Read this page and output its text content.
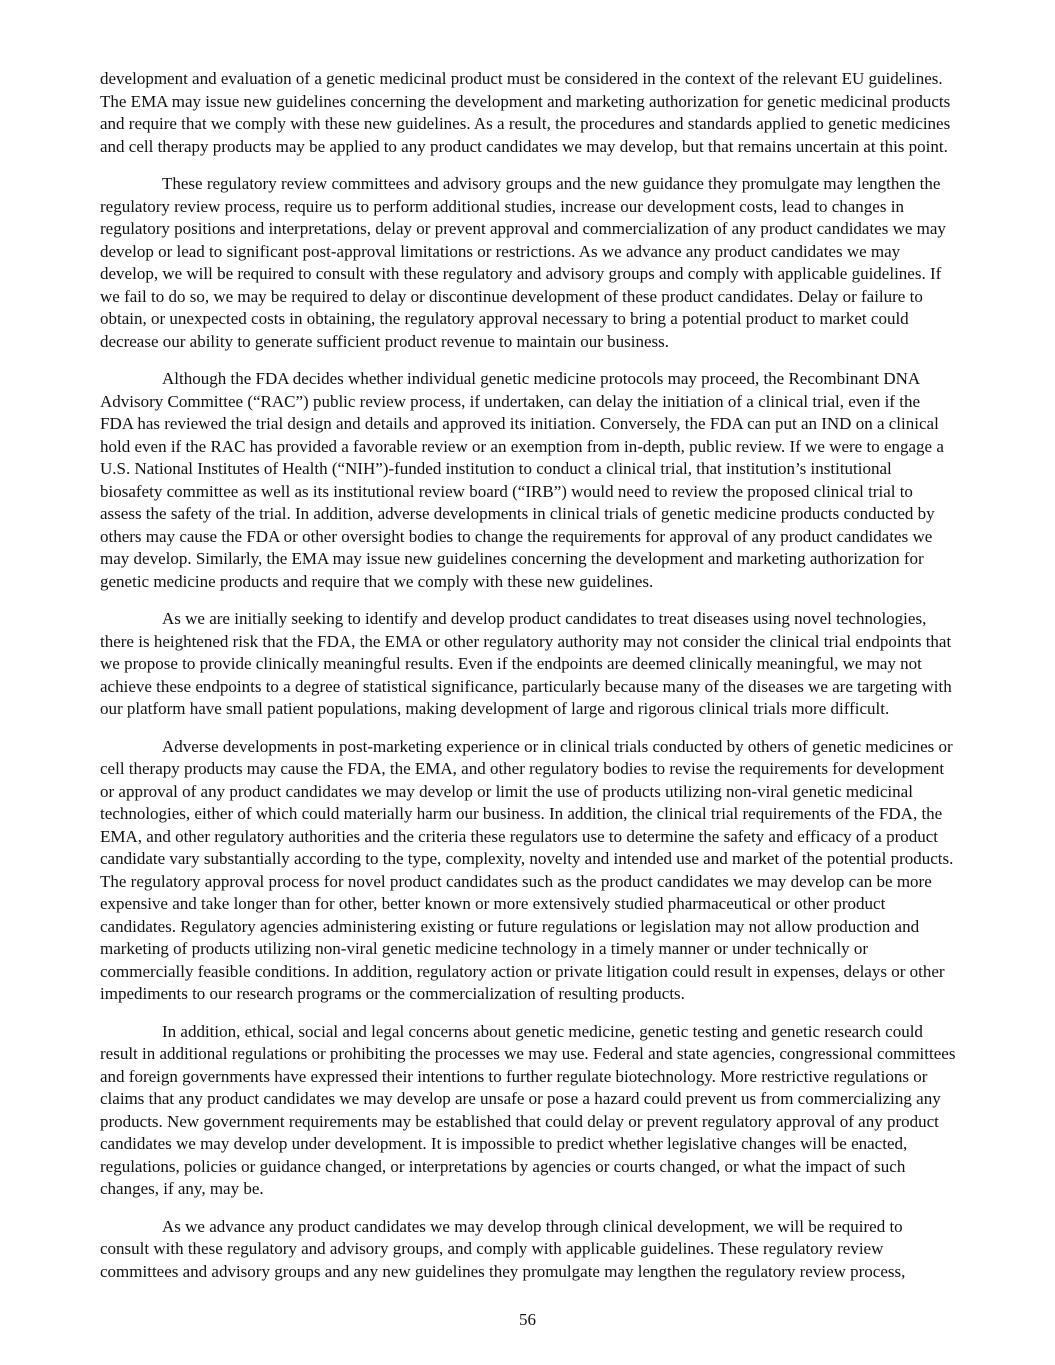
development and evaluation of a genetic medicinal product must be considered in the context of the relevant EU guidelines. The EMA may issue new guidelines concerning the development and marketing authorization for genetic medicinal products and require that we comply with these new guidelines. As a result, the procedures and standards applied to genetic medicines and cell therapy products may be applied to any product candidates we may develop, but that remains uncertain at this point.

These regulatory review committees and advisory groups and the new guidance they promulgate may lengthen the regulatory review process, require us to perform additional studies, increase our development costs, lead to changes in regulatory positions and interpretations, delay or prevent approval and commercialization of any product candidates we may develop or lead to significant post-approval limitations or restrictions. As we advance any product candidates we may develop, we will be required to consult with these regulatory and advisory groups and comply with applicable guidelines. If we fail to do so, we may be required to delay or discontinue development of these product candidates. Delay or failure to obtain, or unexpected costs in obtaining, the regulatory approval necessary to bring a potential product to market could decrease our ability to generate sufficient product revenue to maintain our business.

Although the FDA decides whether individual genetic medicine protocols may proceed, the Recombinant DNA Advisory Committee (“RAC”) public review process, if undertaken, can delay the initiation of a clinical trial, even if the FDA has reviewed the trial design and details and approved its initiation. Conversely, the FDA can put an IND on a clinical hold even if the RAC has provided a favorable review or an exemption from in-depth, public review. If we were to engage a U.S. National Institutes of Health (“NIH”)-funded institution to conduct a clinical trial, that institution’s institutional biosafety committee as well as its institutional review board (“IRB”) would need to review the proposed clinical trial to assess the safety of the trial. In addition, adverse developments in clinical trials of genetic medicine products conducted by others may cause the FDA or other oversight bodies to change the requirements for approval of any product candidates we may develop. Similarly, the EMA may issue new guidelines concerning the development and marketing authorization for genetic medicine products and require that we comply with these new guidelines.

As we are initially seeking to identify and develop product candidates to treat diseases using novel technologies, there is heightened risk that the FDA, the EMA or other regulatory authority may not consider the clinical trial endpoints that we propose to provide clinically meaningful results. Even if the endpoints are deemed clinically meaningful, we may not achieve these endpoints to a degree of statistical significance, particularly because many of the diseases we are targeting with our platform have small patient populations, making development of large and rigorous clinical trials more difficult.

Adverse developments in post-marketing experience or in clinical trials conducted by others of genetic medicines or cell therapy products may cause the FDA, the EMA, and other regulatory bodies to revise the requirements for development or approval of any product candidates we may develop or limit the use of products utilizing non-viral genetic medicinal technologies, either of which could materially harm our business. In addition, the clinical trial requirements of the FDA, the EMA, and other regulatory authorities and the criteria these regulators use to determine the safety and efficacy of a product candidate vary substantially according to the type, complexity, novelty and intended use and market of the potential products. The regulatory approval process for novel product candidates such as the product candidates we may develop can be more expensive and take longer than for other, better known or more extensively studied pharmaceutical or other product candidates. Regulatory agencies administering existing or future regulations or legislation may not allow production and marketing of products utilizing non-viral genetic medicine technology in a timely manner or under technically or commercially feasible conditions. In addition, regulatory action or private litigation could result in expenses, delays or other impediments to our research programs or the commercialization of resulting products.

In addition, ethical, social and legal concerns about genetic medicine, genetic testing and genetic research could result in additional regulations or prohibiting the processes we may use. Federal and state agencies, congressional committees and foreign governments have expressed their intentions to further regulate biotechnology. More restrictive regulations or claims that any product candidates we may develop are unsafe or pose a hazard could prevent us from commercializing any products. New government requirements may be established that could delay or prevent regulatory approval of any product candidates we may develop under development. It is impossible to predict whether legislative changes will be enacted, regulations, policies or guidance changed, or interpretations by agencies or courts changed, or what the impact of such changes, if any, may be.

As we advance any product candidates we may develop through clinical development, we will be required to consult with these regulatory and advisory groups, and comply with applicable guidelines. These regulatory review committees and advisory groups and any new guidelines they promulgate may lengthen the regulatory review process,

56
